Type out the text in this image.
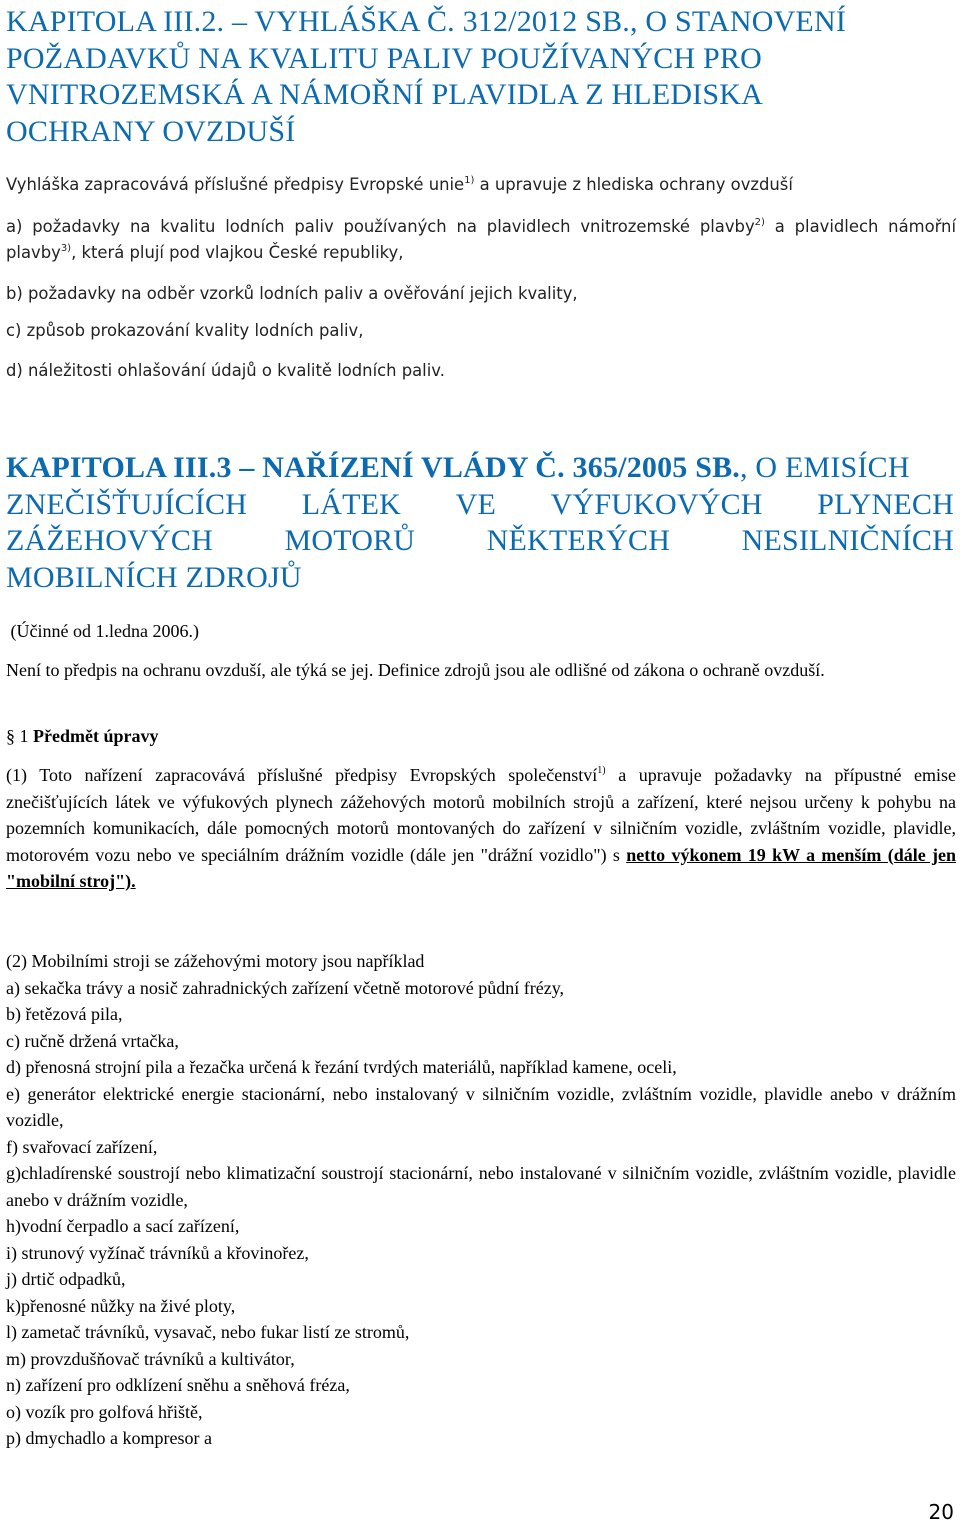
KAPITOLA III.2. – VYHLÁŠKA Č. 312/2012 SB., O STANOVENÍ
POŽADAVKŮ NA KVALITU PALIV POUŽÍVANÝCH PRO
VNITROZEMSKÁ A NÁMOŘNÍ PLAVIDLA Z HLEDISKA
OCHRANY OVZDUŠÍ

Vyhláška zapracovává příslušné předpisy Evropské unie$^{1)}$ a upravuje z hlediska ochrany ovzduší

a) požadavky na kvalitu lodních paliv používaných na plavidlech vnitrozemské plavby$^{2)}$ a plavidlech námořní plavby$^{3)}$, která plují pod vlajkou České republiky,

b) požadavky na odběr vzorků lodních paliv a ověřování jejich kvality,

c) způsob prokazování kvality lodních paliv,

d) náležitosti ohlašování údajů o kvalitě lodních paliv.

KAPITOLA III.3 – NAŘÍZENÍ VLÁDY Č. 365/2005 SB., O EMISÍCH
ZNEČIŠŤUJÍCÍCH LÁTEK VE VÝFUKOVÝCH PLYNECH
ZÁŽEHOVÝCH MOTORŮ NĚKTERÝCH NESILNIČNÍCH
MOBILNÍCH ZDROJŮ

(Účinné od 1.ledna 2006.)

Není to předpis na ochranu ovzduší, ale týká se jej. Definice zdrojů jsou ale odlišné od zákona o ochraně ovzduší.

§ 1 Předmět úpravy

(1) Toto nařízení zapracovává příslušné předpisy Evropských společenství$^{1)}$ a upravuje požadavky na přípustné emise znečišťujících látek ve výfukových plynech zážehových motorů mobilních strojů a zařízení, které nejsou určeny k pohybu na pozemních komunikacích, dále pomocných motorů montovaných do zařízení v silničním vozidle, zvláštním vozidle, plavidle, motorovém vozu nebo ve speciálním drážním vozidle (dále jen "drážní vozidlo") s netto výkonem 19 kW a menším (dále jen "mobilní stroj").

(2) Mobilními stroji se zážehovými motory jsou například

a) sekačka trávy a nosič zahradnických zařízení včetně motorové půdní frézy,

b) řetězová pila,

c) ručně držená vrtačka,

d) přenosná strojní pila a řezačka určená k řezání tvrdých materiálů, například kamene, oceli,

e) generátor elektrické energie stacionární, nebo instalovaný v silničním vozidle, zvláštním vozidle, plavidle anebo v drážním vozidle,

f) svařovací zařízení,

g)chladírenské soustrojí nebo klimatizační soustrojí stacionární, nebo instalované v silničním vozidle, zvláštním vozidle, plavidle anebo v drážním vozidle,

h)vodní čerpadlo a sací zařízení,

i) strunový vyžínač trávníků a křovinořez,

j) drtič odpadků,

k)přenosné nůžky na živé ploty,

l) zametač trávníků, vysavač, nebo fukar listí ze stromů,

m) provzdušňovač trávníků a kultivátor,

n) zařízení pro odklízení sněhu a sněhová fréza,

o) vozík pro golfová hřiště,

p) dmychadlo a kompresor a

20
